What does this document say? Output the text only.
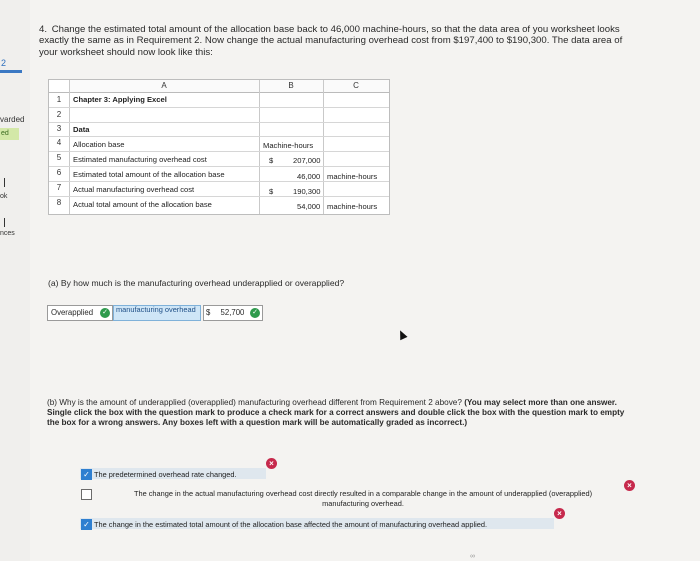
2
varded
ed
ok
nces
4. Change the estimated total amount of the allocation base back to 46,000 machine-hours, so that the data area of you worksheet looks exactly the same as in Requirement 2. Now change the actual manufacturing overhead cost from $197,400 to $190,300. The data area of your worksheet should now look like this:
A	B	C
1	Chapter 3: Applying Excel
2
3	Data
4	Allocation base	Machine-hours
5	Estimated manufacturing overhead cost	$	207,000
6	Estimated total amount of the allocation base	46,000 machine-hours
7	Actual manufacturing overhead cost	$	190,300
8	Actual total amount of the allocation base	54,000 machine-hours
(a) By how much is the manufacturing overhead underapplied or overapplied?
Overapplied	✓	manufacturing overhead	$ 52,700	✓
(b) Why is the amount of underapplied (overapplied) manufacturing overhead different from Requirement 2 above? (You may select more than one answer. Single click the box with the question mark to produce a check mark for a correct answers and double click the box with the question mark to empty the box for a wrong answers. Any boxes left with a question mark will be automatically graded as incorrect.)
✓ The predetermined overhead rate changed.
×
The change in the actual manufacturing overhead cost directly resulted in a comparable change in the amount of underapplied (overapplied) manufacturing overhead.
×
✓ The change in the estimated total amount of the allocation base affected the amount of manufacturing overhead applied.
×
∞
